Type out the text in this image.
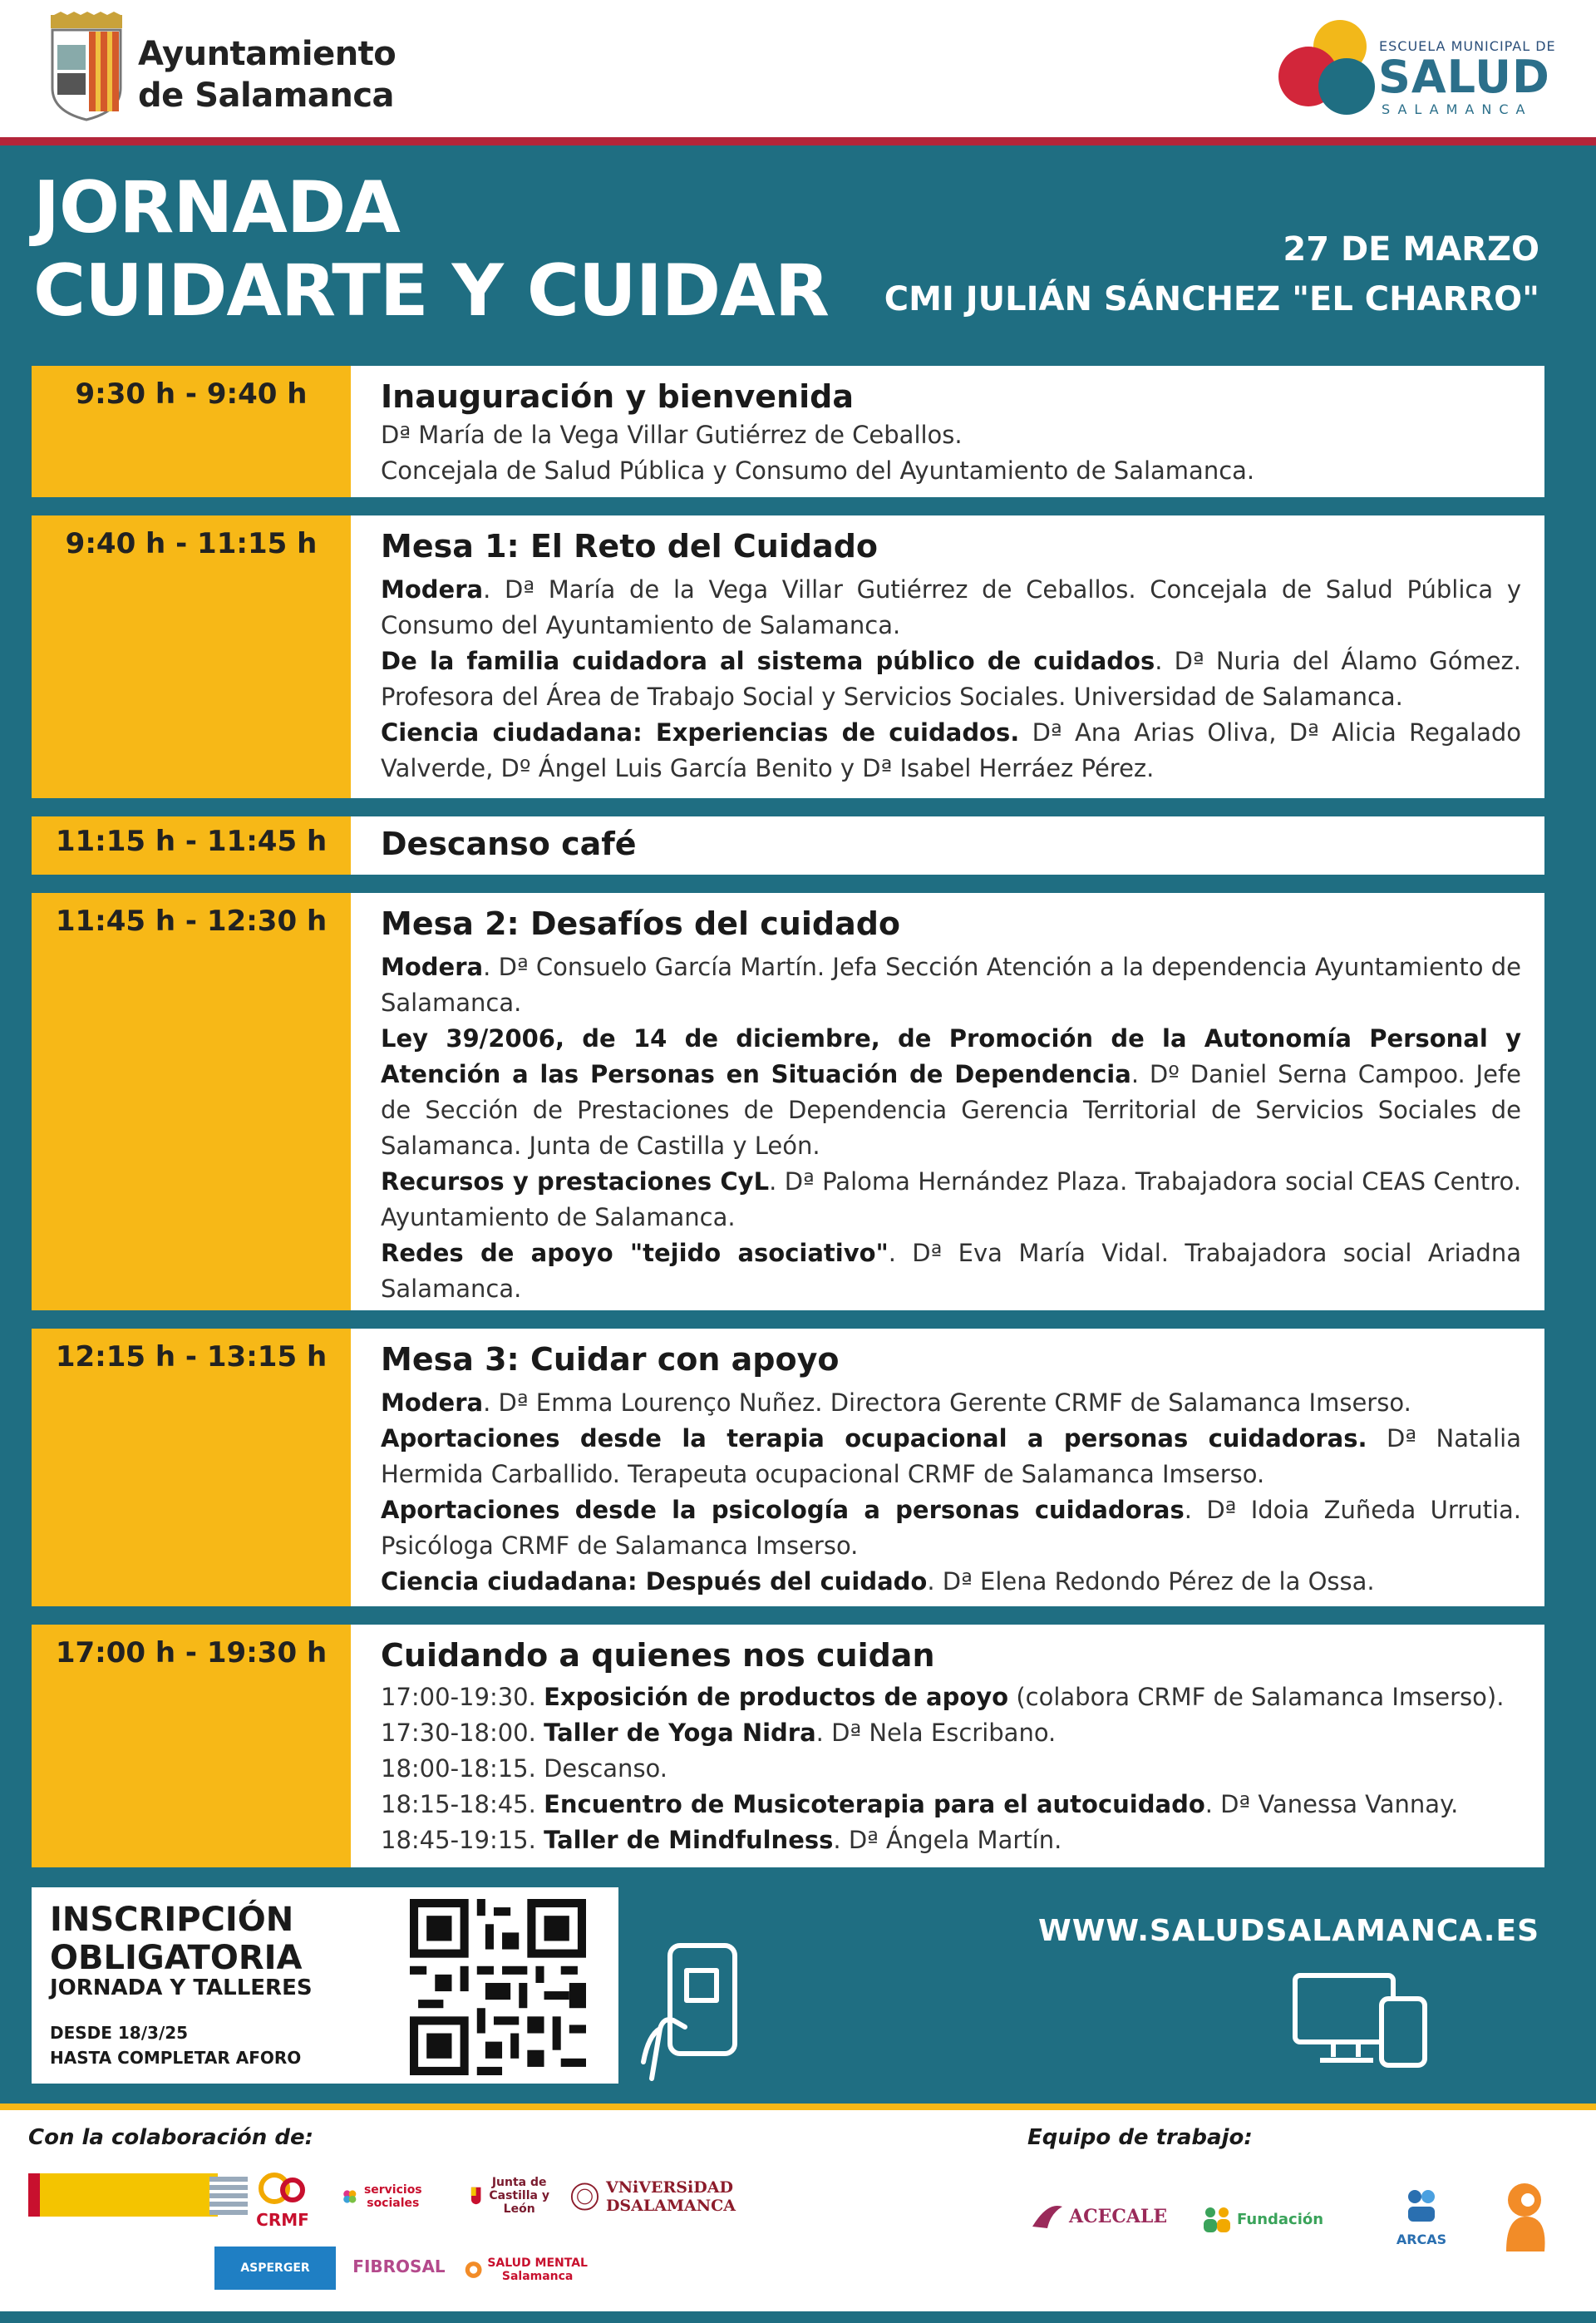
Ayuntamiento
de Salamanca
ESCUELA MUNICIPAL DE
SALUD
SALAMANCA
JORNADA
CUIDARTE Y CUIDAR	27 DE MARZO
CMI JULIÁN SÁNCHEZ "EL CHARRO"
9:30 h - 9:40 h	Inauguración y bienvenida
Dª María de la Vega Villar Gutiérrez de Ceballos.
Concejala de Salud Pública y Consumo del Ayuntamiento de Salamanca.
9:40 h - 11:15 h	Mesa 1: El Reto del Cuidado
Modera. Dª María de la Vega Villar Gutiérrez de Ceballos. Concejala de Salud Pública y Consumo del Ayuntamiento de Salamanca.
De la familia cuidadora al sistema público de cuidados. Dª Nuria del Álamo Gómez. Profesora del Área de Trabajo Social y Servicios Sociales. Universidad de Salamanca.
Ciencia ciudadana: Experiencias de cuidados. Dª Ana Arias Oliva, Dª Alicia Regalado Valverde, Dº Ángel Luis García Benito y Dª Isabel Herráez Pérez.
11:15 h - 11:45 h	Descanso café
11:45 h - 12:30 h	Mesa 2: Desafíos del cuidado
Modera. Dª Consuelo García Martín. Jefa Sección Atención a la dependencia Ayuntamiento de Salamanca.
Ley 39/2006, de 14 de diciembre, de Promoción de la Autonomía Personal y Atención a las Personas en Situación de Dependencia. Dº Daniel Serna Campoo. Jefe de Sección de Prestaciones de Dependencia Gerencia Territorial de Servicios Sociales de Salamanca. Junta de Castilla y León.
Recursos y prestaciones CyL. Dª Paloma Hernández Plaza. Trabajadora social CEAS Centro. Ayuntamiento de Salamanca.
Redes de apoyo "tejido asociativo". Dª Eva María Vidal. Trabajadora social Ariadna Salamanca.
12:15 h - 13:15 h	Mesa 3: Cuidar con apoyo
Modera. Dª Emma Lourenço Nuñez. Directora Gerente CRMF de Salamanca Imserso.
Aportaciones desde la terapia ocupacional a personas cuidadoras. Dª Natalia Hermida Carballido. Terapeuta ocupacional CRMF de Salamanca Imserso.
Aportaciones desde la psicología a personas cuidadoras. Dª Idoia Zuñeda Urrutia. Psicóloga CRMF de Salamanca Imserso.
Ciencia ciudadana: Después del cuidado. Dª Elena Redondo Pérez de la Ossa.
17:00 h - 19:30 h	Cuidando a quienes nos cuidan
17:00-19:30. Exposición de productos de apoyo (colabora CRMF de Salamanca Imserso).
17:30-18:00. Taller de Yoga Nidra. Dª Nela Escribano.
18:00-18:15. Descanso.
18:15-18:45. Encuentro de Musicoterapia para el autocuidado. Dª Vanessa Vannay.
18:45-19:15. Taller de Mindfulness. Dª Ángela Martín.
INSCRIPCIÓN
OBLIGATORIA
JORNADA Y TALLERES
DESDE 18/3/25
HASTA COMPLETAR AFORO
WWW.SALUDSALAMANCA.ES
Con la colaboración de:	Equipo de trabajo:
CRMF
servicios sociales
Junta de Castilla y León
VNiVERSiDAD DSALAMANCA
ASPERGER	FIBROSAL	SALUD MENTAL Salamanca
ACECALE	Fundación
ARCAS
